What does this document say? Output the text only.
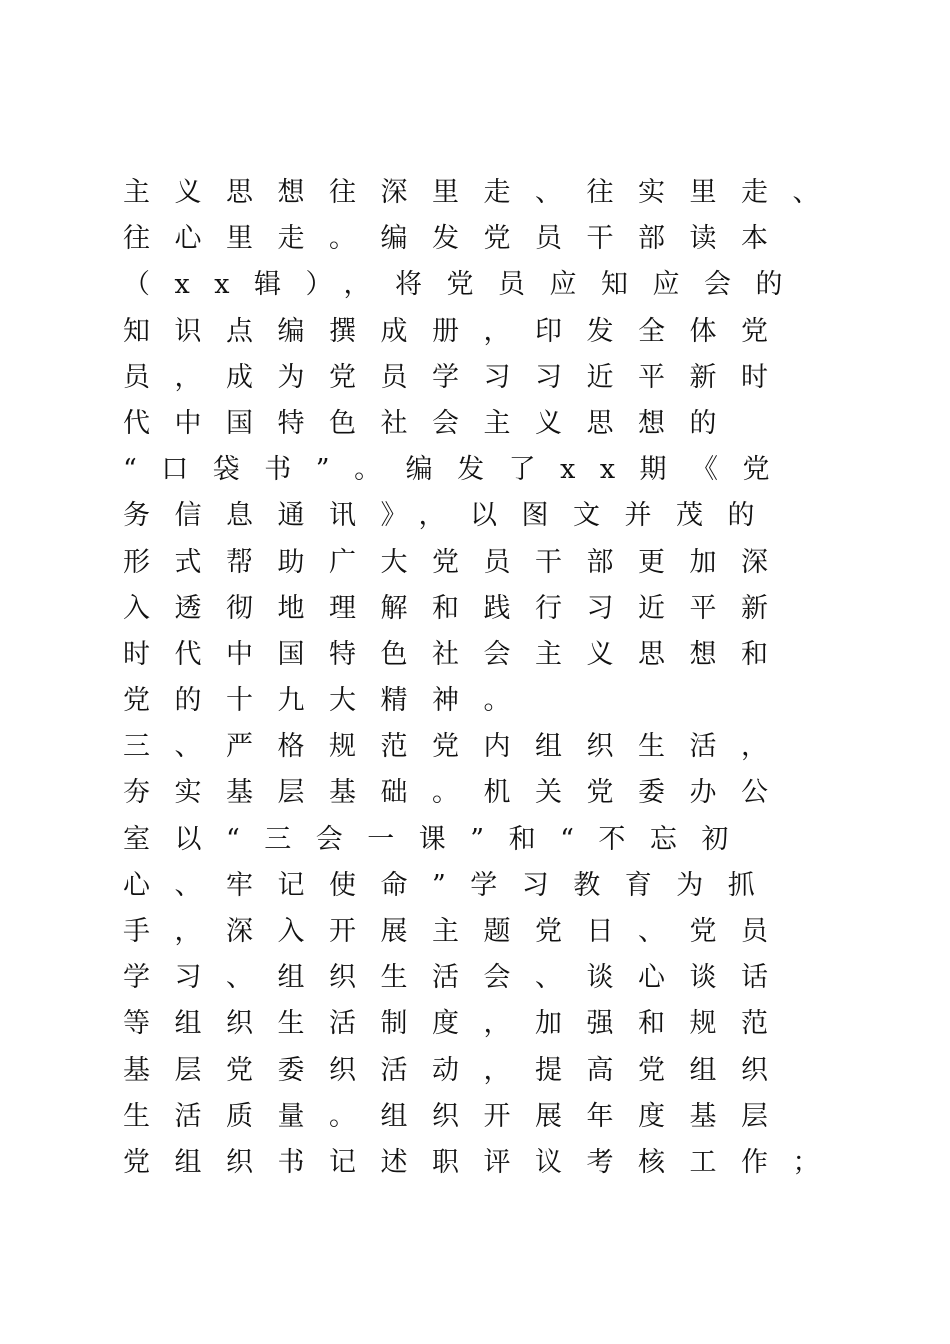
主义思想往深里走、往实里走、
往心里走。编发党员干部读本
（xx辑），将党员应知应会的
知识点编撰成册，印发全体党
员，成为党员学习习近平新时
代中国特色社会主义思想的
“口袋书”。编发了xx期《党
务信息通讯》，以图文并茂的
形式帮助广大党员干部更加深
入透彻地理解和践行习近平新
时代中国特色社会主义思想和
党的十九大精神。
三、严格规范党内组织生活，
夯实基层基础。机关党委办公
室以“三会一课”和“不忘初
心、牢记使命”学习教育为抓
手，深入开展主题党日、党员
学习、组织生活会、谈心谈话
等组织生活制度，加强和规范
基层党委织活动，提高党组织
生活质量。组织开展年度基层
党组织书记述职评议考核工作；
